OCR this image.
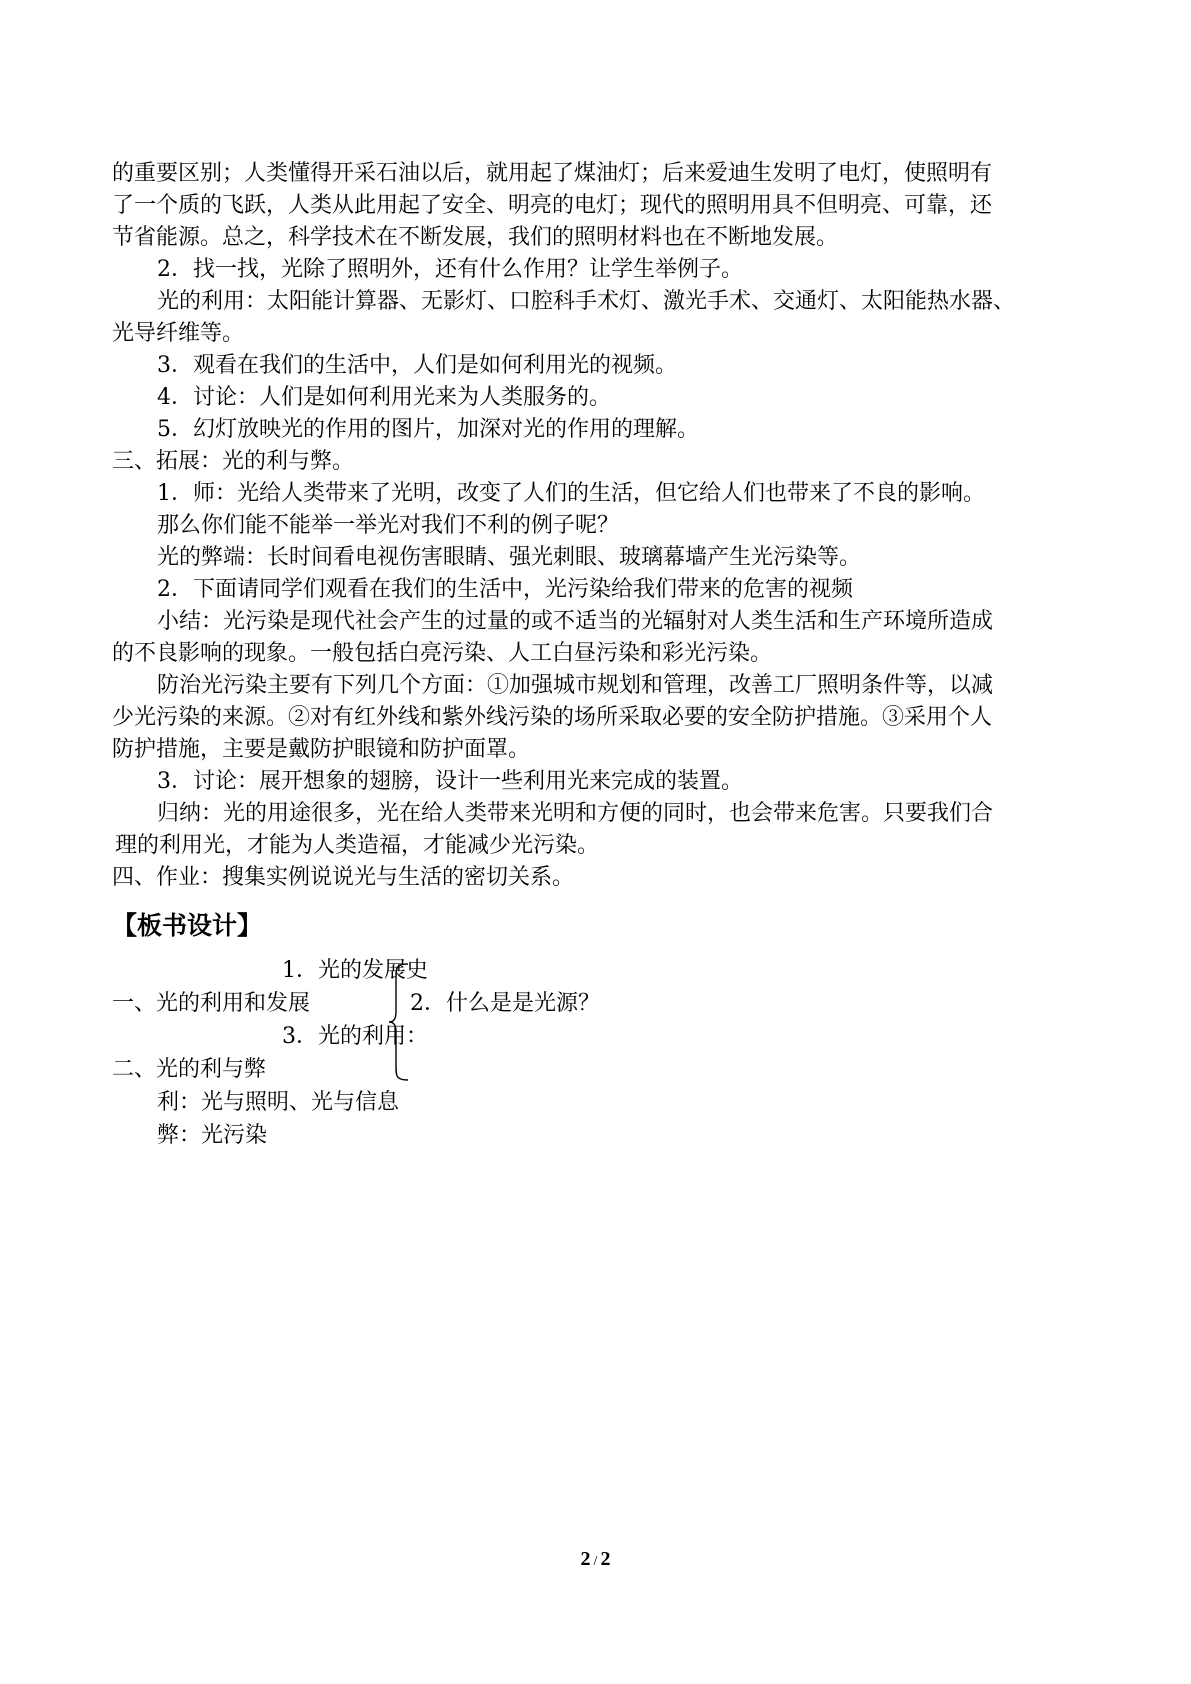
的重要区别；人类懂得开采石油以后，就用起了煤油灯；后来爱迪生发明了电灯，使照明有
了一个质的飞跃，人类从此用起了安全、明亮的电灯；现代的照明用具不但明亮、可靠，还
节省能源。总之，科学技术在不断发展，我们的照明材料也在不断地发展。
2．找一找，光除了照明外，还有什么作用？让学生举例子。
光的利用：太阳能计算器、无影灯、口腔科手术灯、激光手术、交通灯、太阳能热水器、
光导纤维等。
3．观看在我们的生活中，人们是如何利用光的视频。
4．讨论：人们是如何利用光来为人类服务的。
5．幻灯放映光的作用的图片，加深对光的作用的理解。
三、拓展：光的利与弊。
1．师：光给人类带来了光明，改变了人们的生活，但它给人们也带来了不良的影响。
那么你们能不能举一举光对我们不利的例子呢？
光的弊端：长时间看电视伤害眼睛、强光刺眼、玻璃幕墙产生光污染等。
2．下面请同学们观看在我们的生活中，光污染给我们带来的危害的视频
小结：光污染是现代社会产生的过量的或不适当的光辐射对人类生活和生产环境所造成
的不良影响的现象。一般包括白亮污染、人工白昼污染和彩光污染。
防治光污染主要有下列几个方面：①加强城市规划和管理，改善工厂照明条件等，以减
少光污染的来源。②对有红外线和紫外线污染的场所采取必要的安全防护措施。③采用个人
防护措施，主要是戴防护眼镜和防护面罩。
3．讨论：展开想象的翅膀，设计一些利用光来完成的装置。
归纳：光的用途很多，光在给人类带来光明和方便的同时，也会带来危害。只要我们合
理的利用光，才能为人类造福，才能减少光污染。
四、作业：搜集实例说说光与生活的密切关系。
【板书设计】
1．光的发展史
一、光的利用和发展	2．什么是是光源？
3．光的利用：
二、光的利与弊
利：光与照明、光与信息
弊：光污染
2 / 2
